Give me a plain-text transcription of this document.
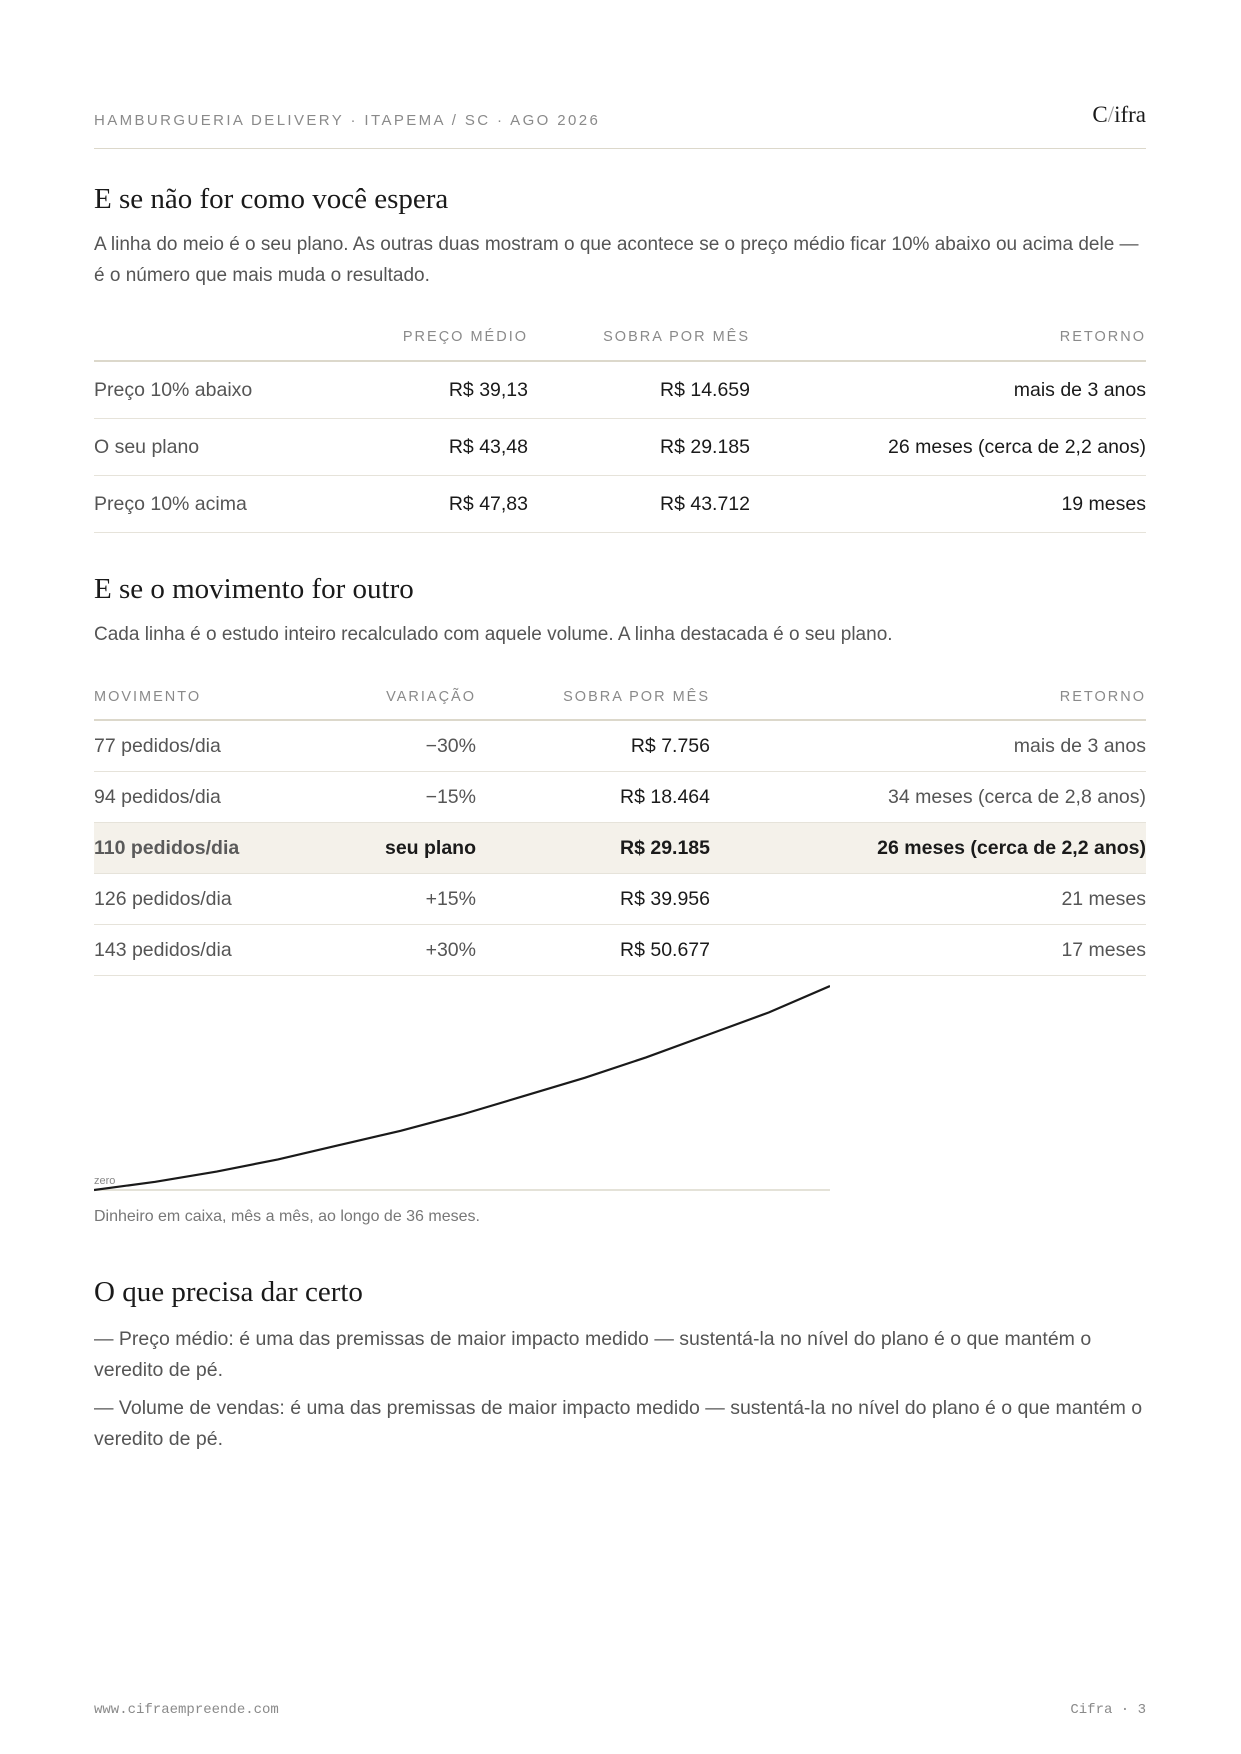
HAMBURGUERIA DELIVERY · ITAPEMA / SC · AGO 2026	C/ifra
E se não for como você espera

A linha do meio é o seu plano. As outras duas mostram o que acontece se o preço médio ficar 10% abaixo ou acima dele — é o número que mais muda o resultado.

	PREÇO MÉDIO	SOBRA POR MÊS	RETORNO
Preço 10% abaixo	R$ 39,13	R$ 14.659	mais de 3 anos
O seu plano	R$ 43,48	R$ 29.185	26 meses (cerca de 2,2 anos)
Preço 10% acima	R$ 47,83	R$ 43.712	19 meses
E se o movimento for outro

Cada linha é o estudo inteiro recalculado com aquele volume. A linha destacada é o seu plano.

MOVIMENTO	VARIAÇÃO	SOBRA POR MÊS	RETORNO
77 pedidos/dia	−30%	R$ 7.756	mais de 3 anos
94 pedidos/dia	−15%	R$ 18.464	34 meses (cerca de 2,8 anos)
110 pedidos/dia	seu plano	R$ 29.185	26 meses (cerca de 2,2 anos)
126 pedidos/dia	+15%	R$ 39.956	21 meses
143 pedidos/dia	+30%	R$ 50.677	17 meses
zero
Dinheiro em caixa, mês a mês, ao longo de 36 meses.
O que precisa dar certo

— Preço médio: é uma das premissas de maior impacto medido — sustentá-la no nível do plano é o que mantém o veredito de pé.

— Volume de vendas: é uma das premissas de maior impacto medido — sustentá-la no nível do plano é o que mantém o veredito de pé.

www.cifraempreende.com	Cifra · 3
